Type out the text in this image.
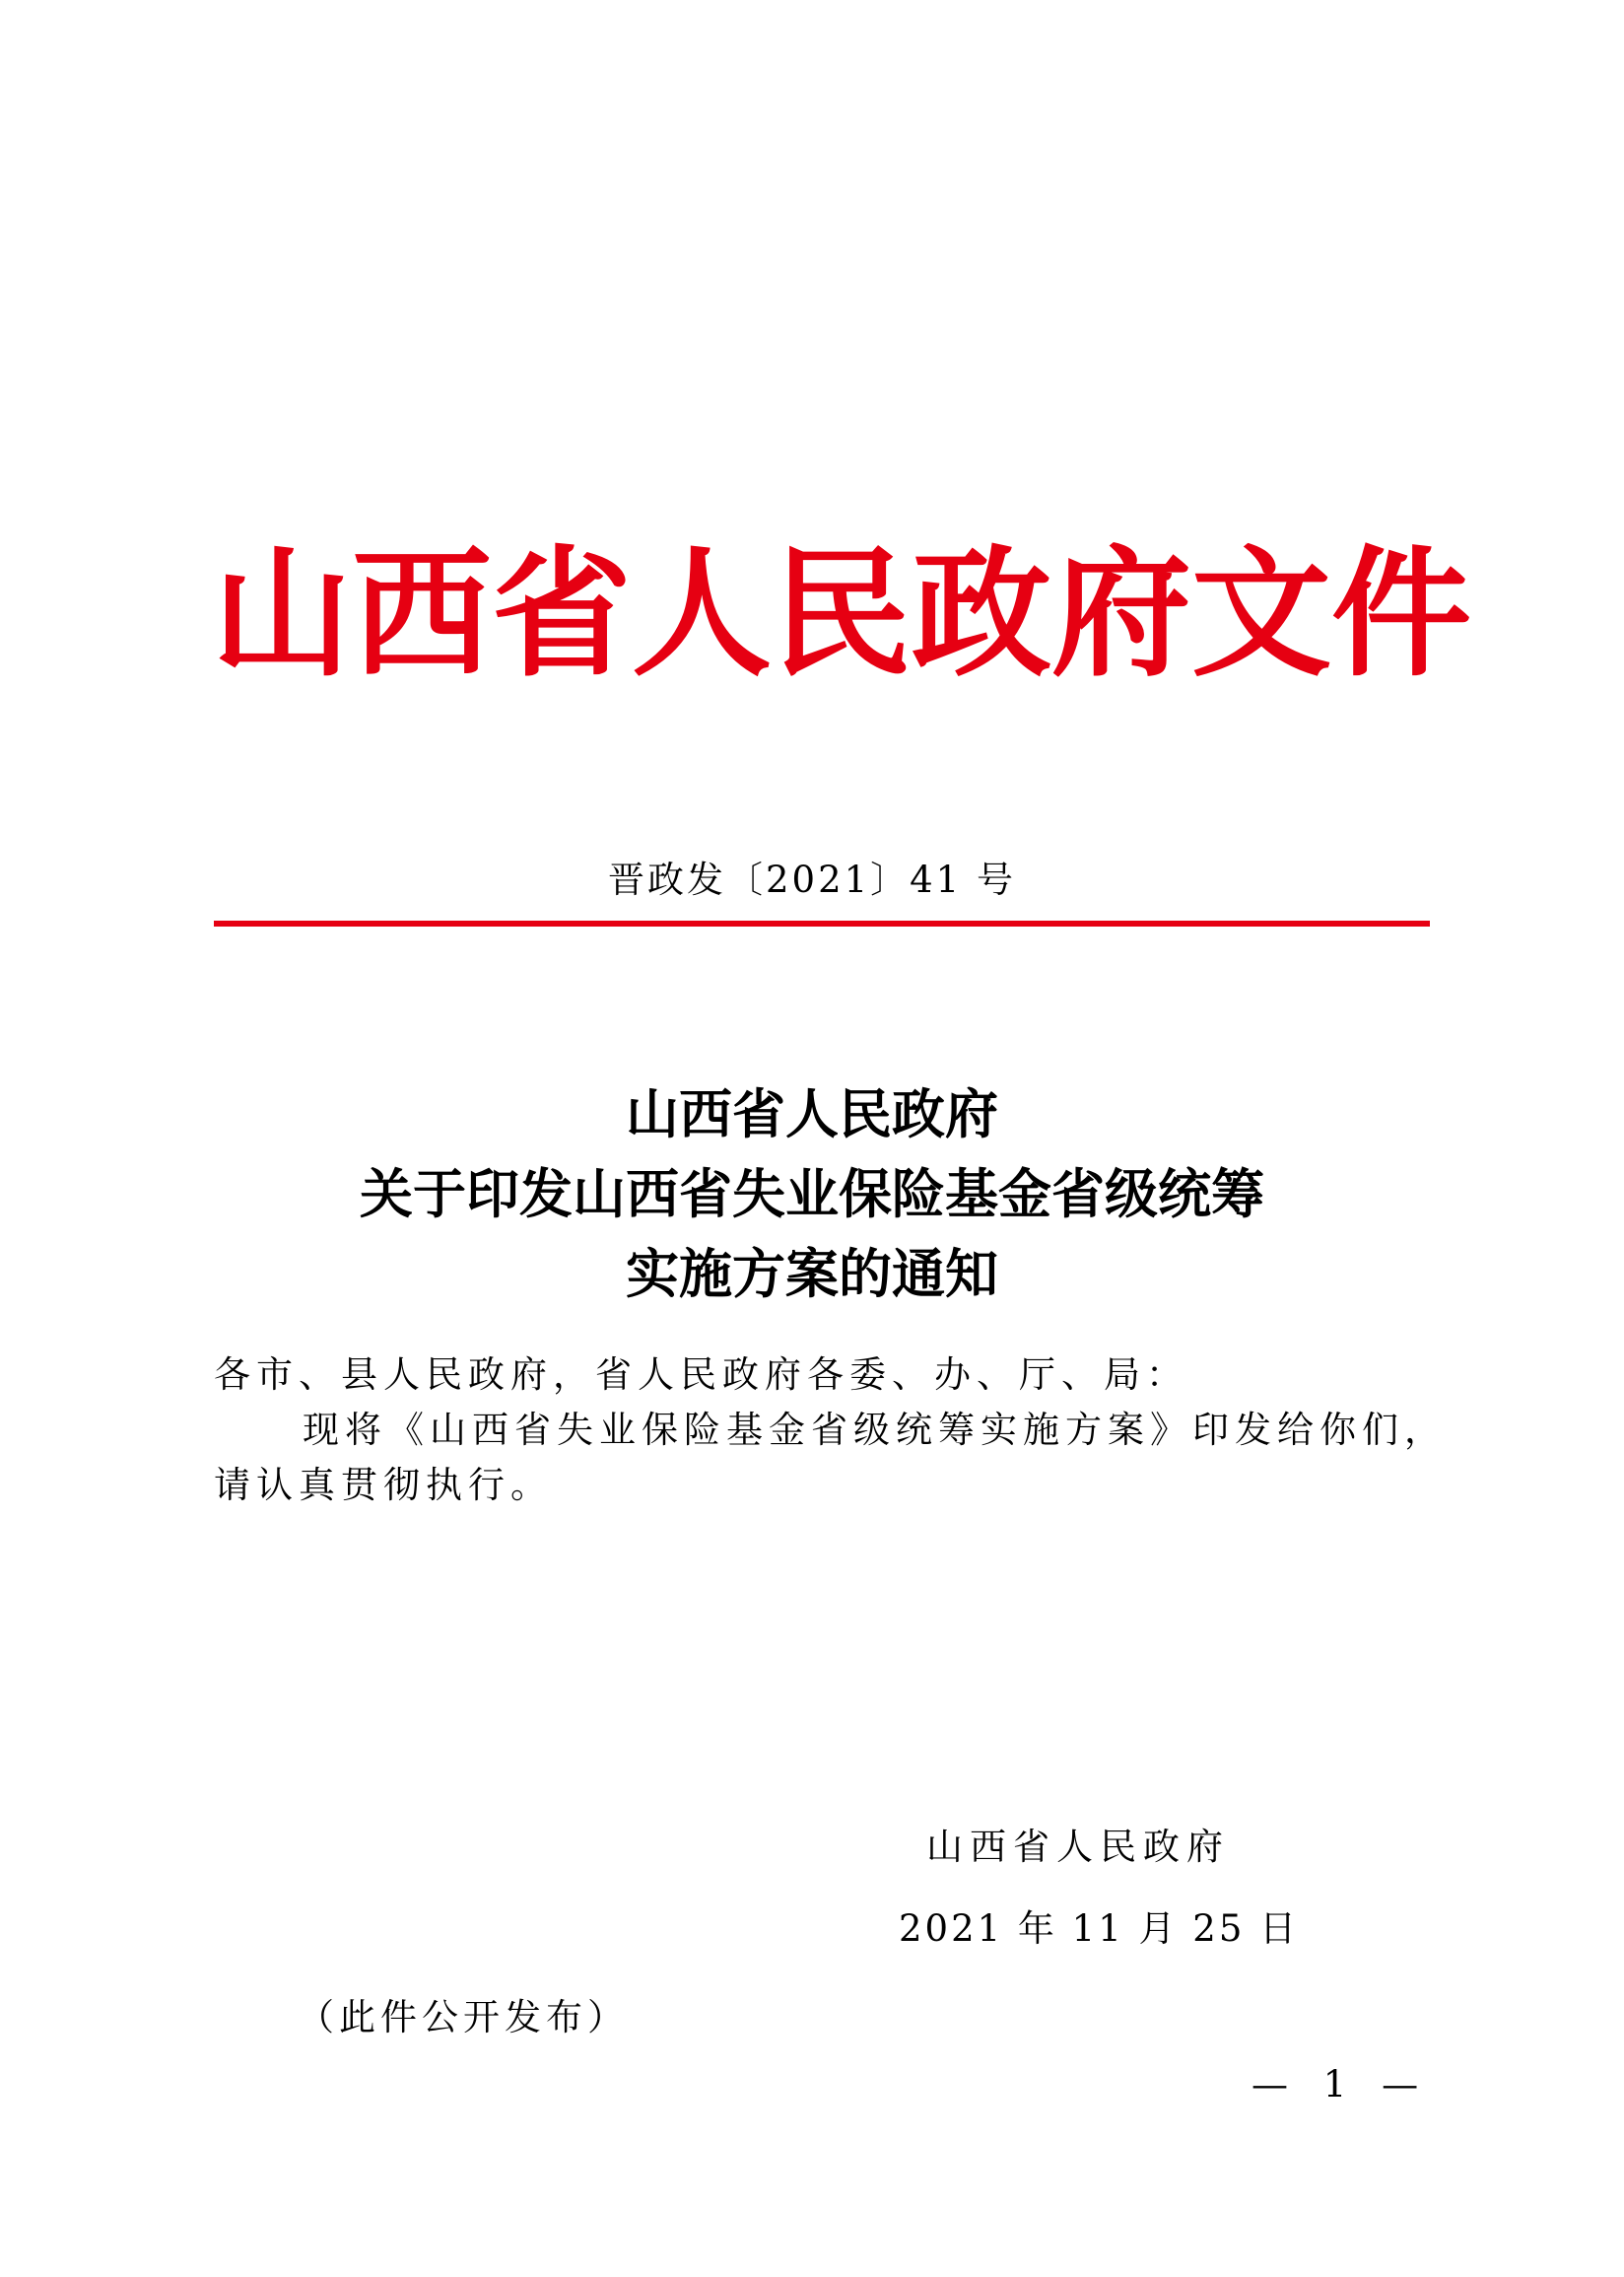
山 西 省 人 民 政 府 文 件
晋政发〔2021〕41 号
山西省人民政府
关于印发山西省失业保险基金省级统筹
实施方案的通知
各市、县人民政府，省人民政府各委、办、厅、局：
现将《山西省失业保险基金省级统筹实施方案》印发给你们，
请认真贯彻执行。
山西省人民政府
2021 年 11 月 25 日
（此件公开发布）
— 1 —
